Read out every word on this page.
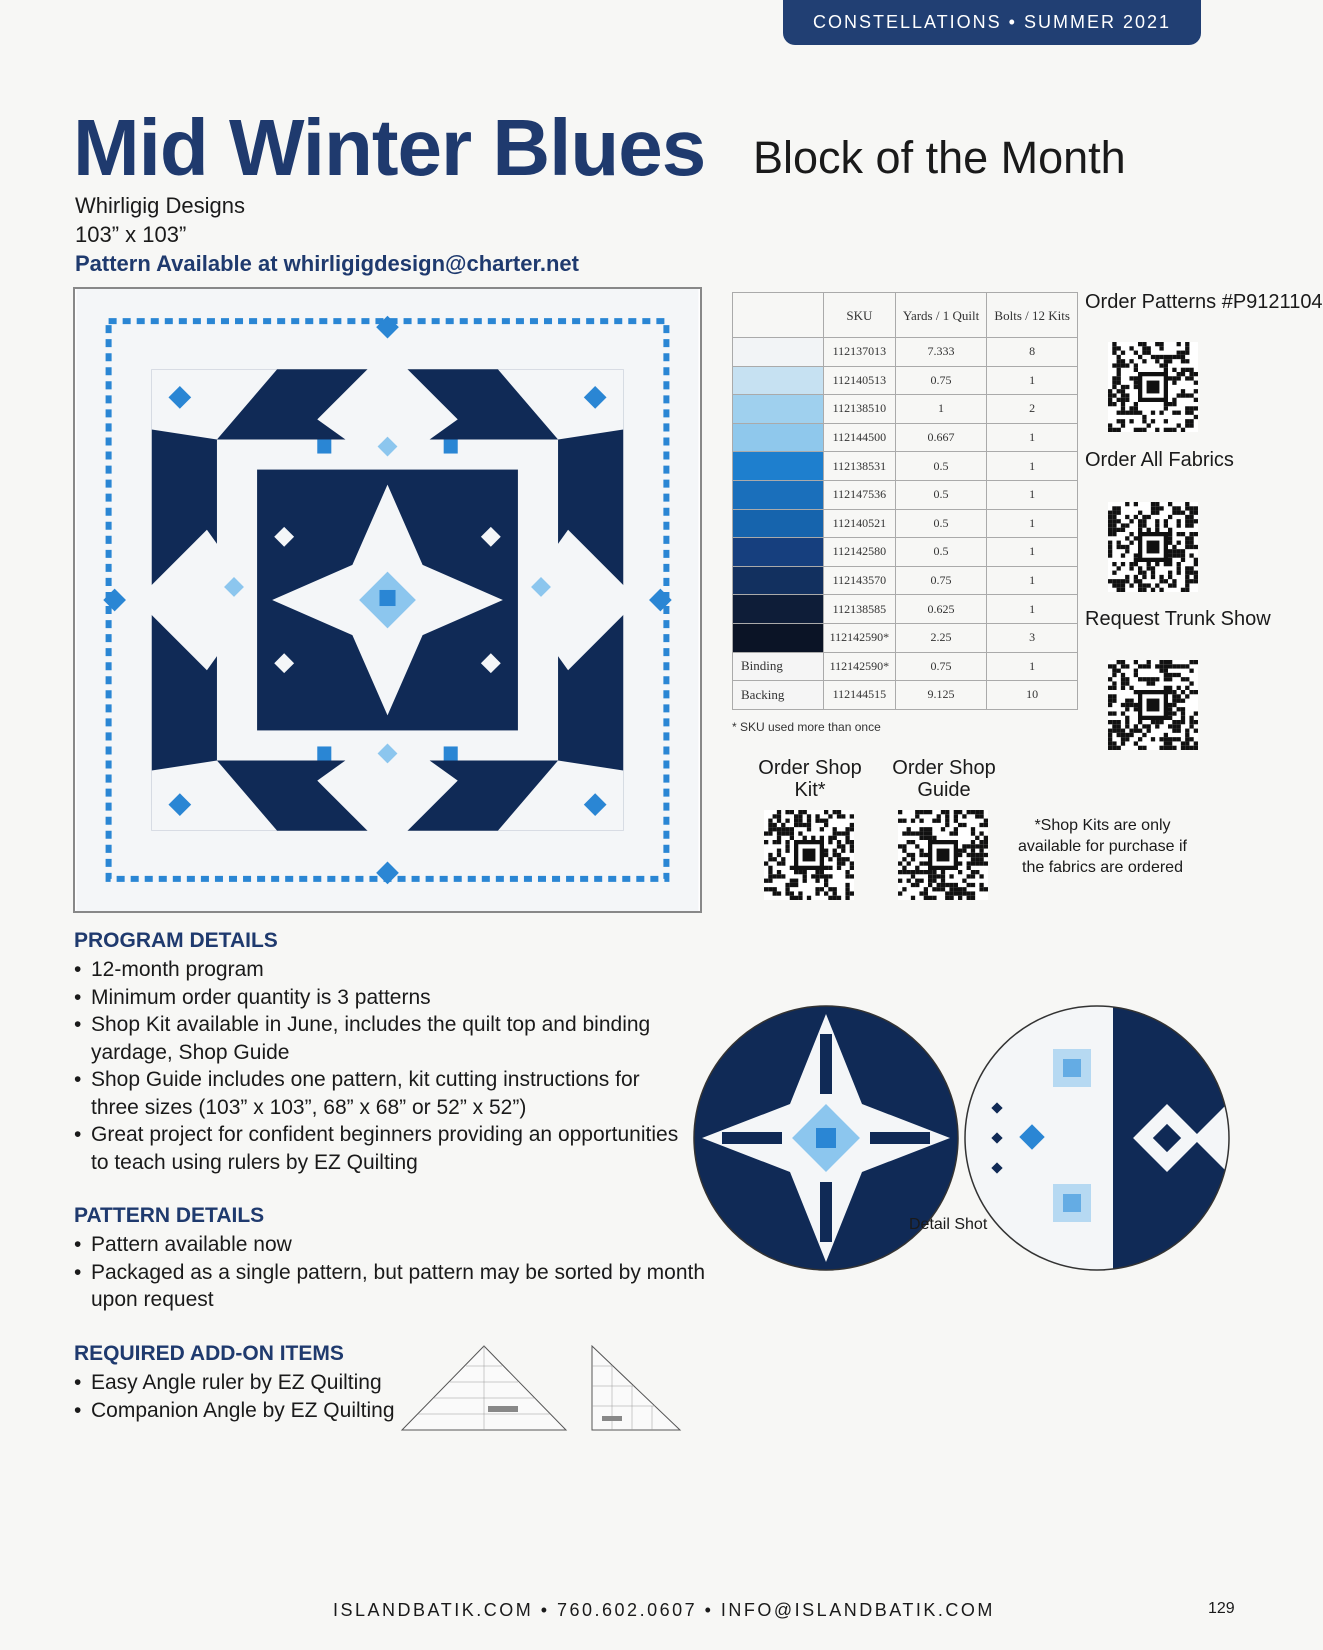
CONSTELLATIONS • SUMMER 2021
Mid Winter Blues Block of the Month
Whirligig Designs
103” x 103”
Pattern Available at whirligigdesign@charter.net
	SKU	Yards / 1 Quilt	Bolts / 12 Kits
	112137013	7.333	8
	112140513	0.75	1
	112138510	1	2
	112144500	0.667	1
	112138531	0.5	1
	112147536	0.5	1
	112140521	0.5	1
	112142580	0.5	1
	112143570	0.75	1
	112138585	0.625	1
	112142590*	2.25	3
Binding	112142590*	0.75	1
Backing	112144515	9.125	10
* SKU used more than once
Order Patterns #P9121104
Order All Fabrics
Request Trunk Show
Order Shop Kit*
Order Shop Guide
*Shop Kits are only available for purchase if the fabrics are ordered
PROGRAM DETAILS
• 12-month program
• Minimum order quantity is 3 patterns
• Shop Kit available in June, includes the quilt top and binding
yardage, Shop Guide
• Shop Guide includes one pattern, kit cutting instructions for
three sizes (103” x 103”, 68” x 68” or 52” x 52”)
• Great project for confident beginners providing an opportunities
to teach using rulers by EZ Quilting
PATTERN DETAILS
• Pattern available now
• Packaged as a single pattern, but pattern may be sorted by month
upon request
REQUIRED ADD-ON ITEMS
• Easy Angle ruler by EZ Quilting
• Companion Angle by EZ Quilting
Detail Shot
ISLANDBATIK.COM • 760.602.0607 • INFO@ISLANDBATIK.COM	129
